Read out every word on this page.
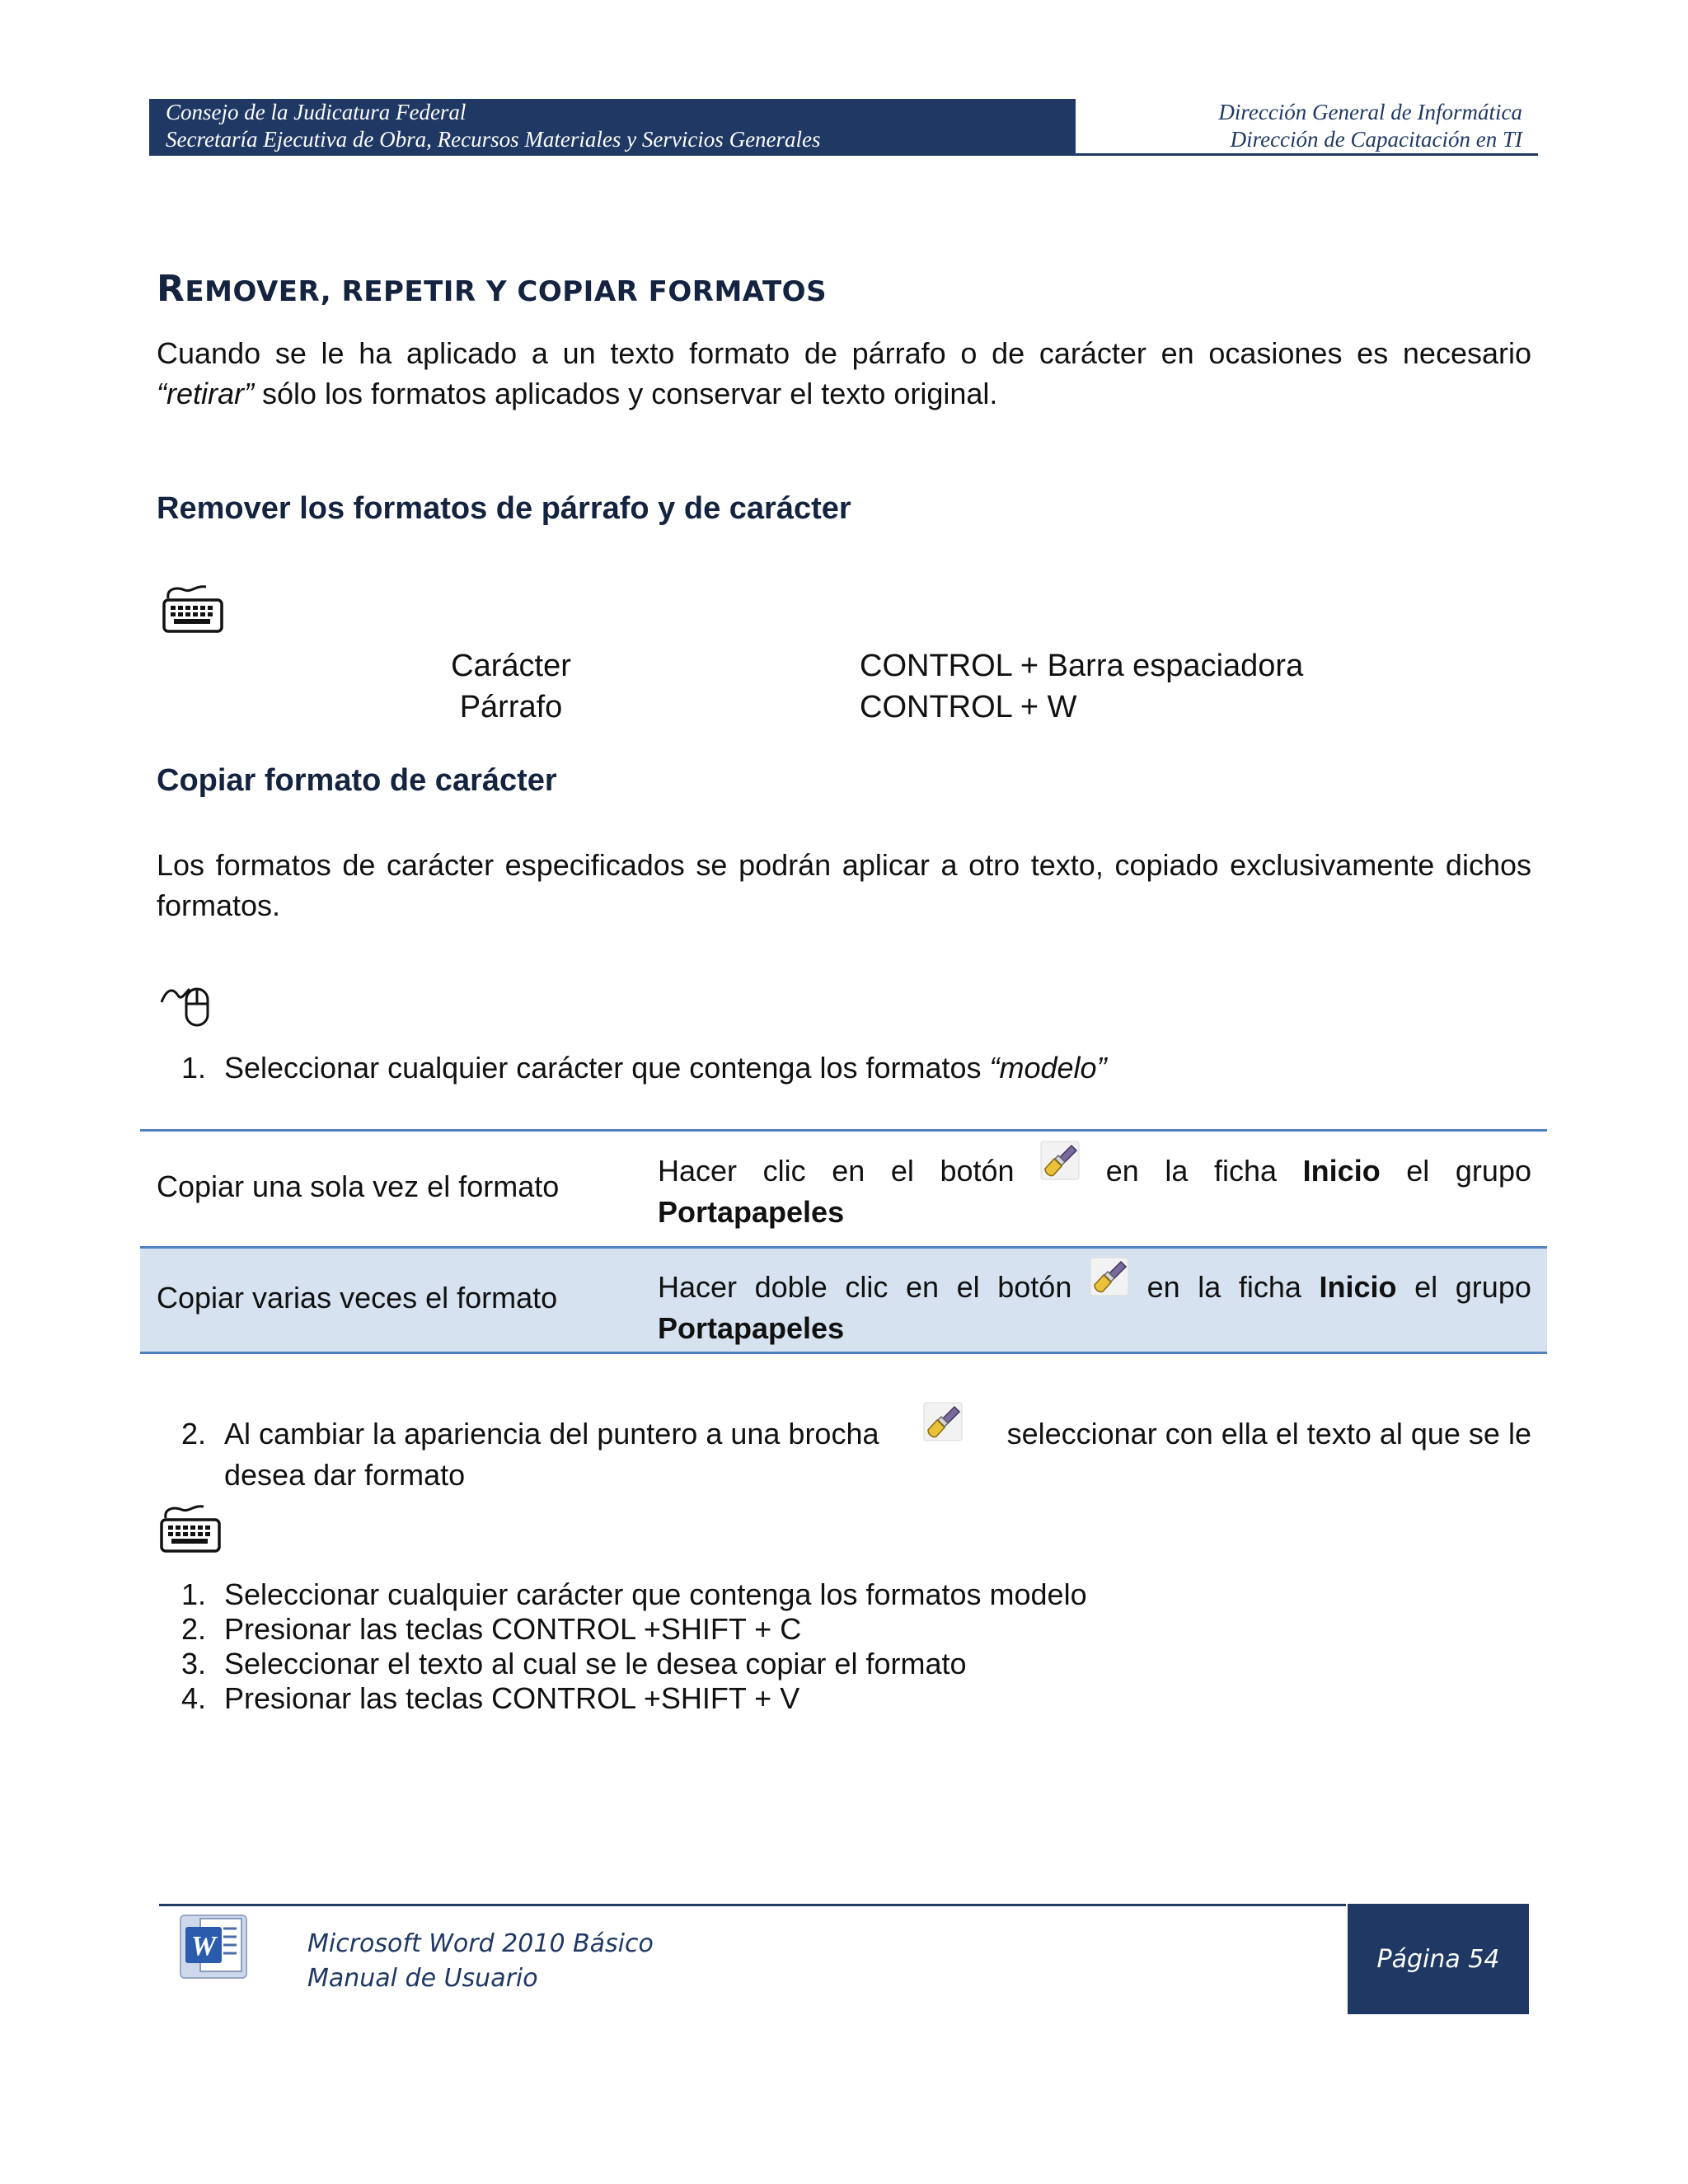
Consejo de la Judicatura Federal
Secretaría Ejecutiva de Obra, Recursos Materiales y Servicios Generales
Dirección General de Informática
Dirección de Capacitación en TI
REMOVER, REPETIR Y COPIAR FORMATOS
Cuando se le ha aplicado a un texto formato de párrafo o de carácter en ocasiones es necesario
“retirar” sólo los formatos aplicados y conservar el texto original.
Remover los formatos de párrafo y de carácter
Carácter	CONTROL + Barra espaciadora
Párrafo	CONTROL + W
Copiar formato de carácter
Los formatos de carácter especificados se podrán aplicar a otro texto, copiado exclusivamente dichos formatos.
1. Seleccionar cualquier carácter que contenga los formatos “modelo”
Copiar una sola vez el formato	Hacer clic en el botón	en la ficha Inicio el grupo
Portapapeles
Copiar varias veces el formato	Hacer doble clic en el botón	en la ficha Inicio el grupo
Portapapeles
2. Al cambiar la apariencia del puntero a una brocha	seleccionar con ella el texto al que se le
desea dar formato
1. Seleccionar cualquier carácter que contenga los formatos modelo
2. Presionar las teclas CONTROL +SHIFT + C
3. Seleccionar el texto al cual se le desea copiar el formato
4. Presionar las teclas CONTROL +SHIFT + V
W	Microsoft Word 2010 Básico
Manual de Usuario
Página 54
